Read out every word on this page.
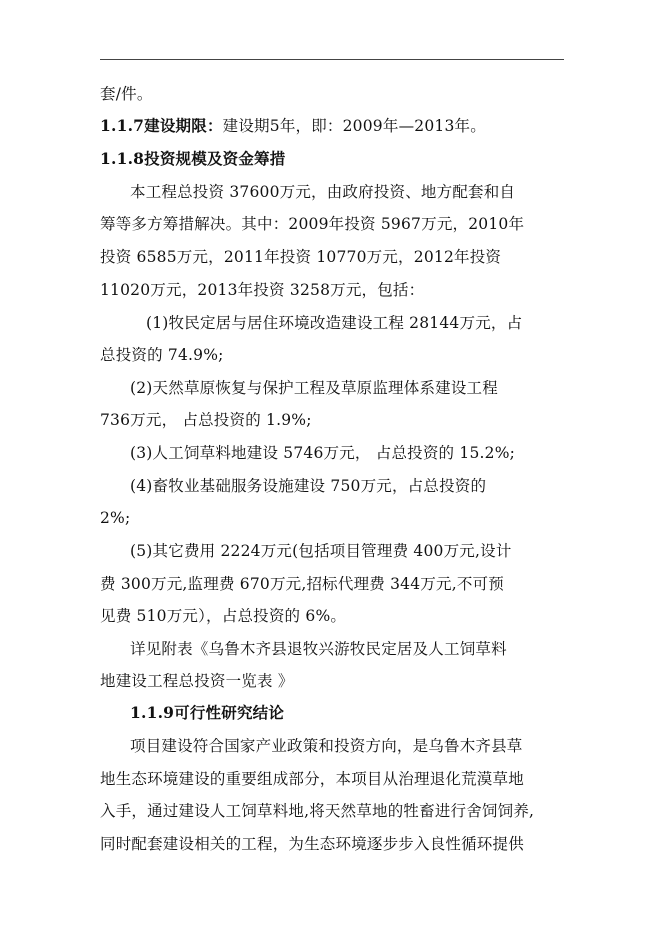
套/件。
1.1.7建设期限：建设期5年，即：2009年—2013年。
1.1.8投资规模及资金筹措
本工程总投资 37600万元，由政府投资、地方配套和自
筹等多方筹措解决。其中：2009年投资 5967万元，2010年
投资 6585万元，2011年投资 10770万元，2012年投资
11020万元，2013年投资 3258万元，包括：
(1)牧民定居与居住环境改造建设工程 28144万元，占
总投资的 74.9%;
(2)天然草原恢复与保护工程及草原监理体系建设工程
736万元， 占总投资的 1.9%;
(3)人工饲草料地建设 5746万元， 占总投资的 15.2%;
(4)畜牧业基础服务设施建设 750万元，占总投资的
2%;
(5)其它费用 2224万元(包括项目管理费 400万元,设计
费 300万元,监理费 670万元,招标代理费 344万元,不可预
见费 510万元），占总投资的 6%。
详见附表《乌鲁木齐县退牧兴游牧民定居及人工饲草料
地建设工程总投资一览表 》
1.1.9可行性研究结论
项目建设符合国家产业政策和投资方向，是乌鲁木齐县草
地生态环境建设的重要组成部分，本项目从治理退化荒漠草地
入手，通过建设人工饲草料地,将天然草地的牲畜进行舍饲饲养,
同时配套建设相关的工程，为生态环境逐步步入良性循环提供
